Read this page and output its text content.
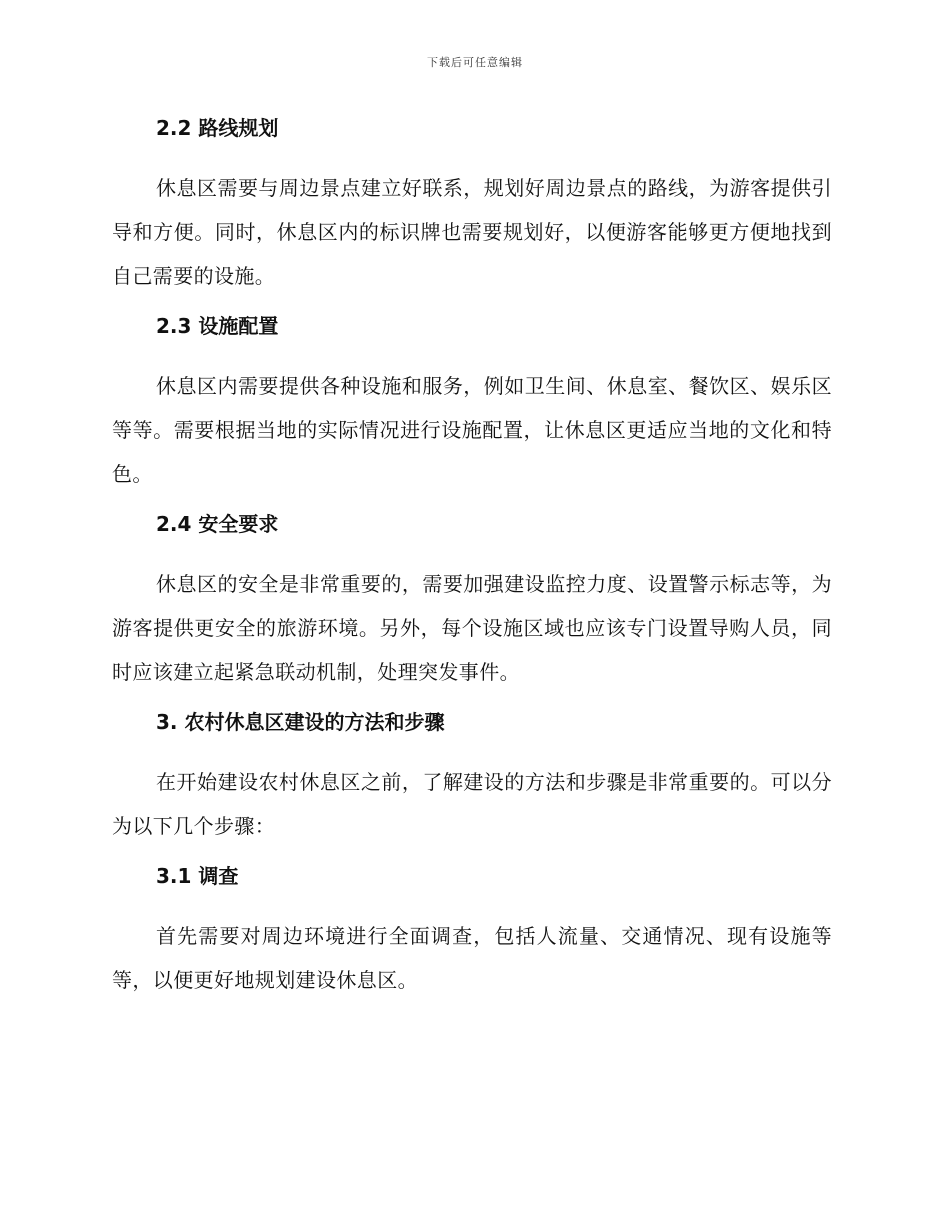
下载后可任意编辑
2.2 路线规划

休息区需要与周边景点建立好联系，规划好周边景点的路线，为游客提供引导和方便。同时，休息区内的标识牌也需要规划好，以便游客能够更方便地找到自己需要的设施。

2.3 设施配置

休息区内需要提供各种设施和服务，例如卫生间、休息室、餐饮区、娱乐区等等。需要根据当地的实际情况进行设施配置，让休息区更适应当地的文化和特色。

2.4 安全要求

休息区的安全是非常重要的，需要加强建设监控力度、设置警示标志等，为游客提供更安全的旅游环境。另外，每个设施区域也应该专门设置导购人员，同时应该建立起紧急联动机制，处理突发事件。

3. 农村休息区建设的方法和步骤

在开始建设农村休息区之前，了解建设的方法和步骤是非常重要的。可以分为以下几个步骤：

3.1 调查

首先需要对周边环境进行全面调查，包括人流量、交通情况、现有设施等等，以便更好地规划建设休息区。
